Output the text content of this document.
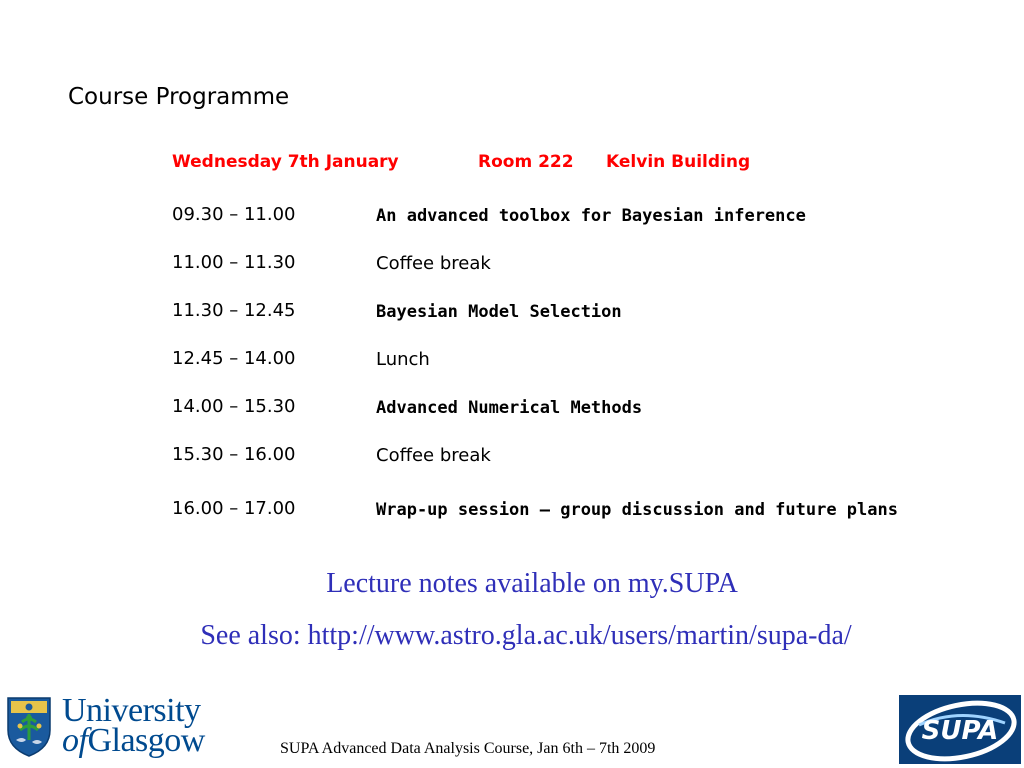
Course Programme
Wednesday 7th January	Room 222 Kelvin Building
09.30 – 11.00	An advanced toolbox for Bayesian inference
11.00 – 11.30	Coffee break
11.30 – 12.45	Bayesian Model Selection
12.45 – 14.00	Lunch
14.00 – 15.30	Advanced Numerical Methods
15.30 – 16.00	Coffee break
16.00 – 17.00	Wrap-up session – group discussion and future plans
Lecture notes available on my.SUPA
See also: http://www.astro.gla.ac.uk/users/martin/supa-da/
University
ofGlasgow	SUPA Advanced Data Analysis Course, Jan 6th – 7th 2009
SUPA
